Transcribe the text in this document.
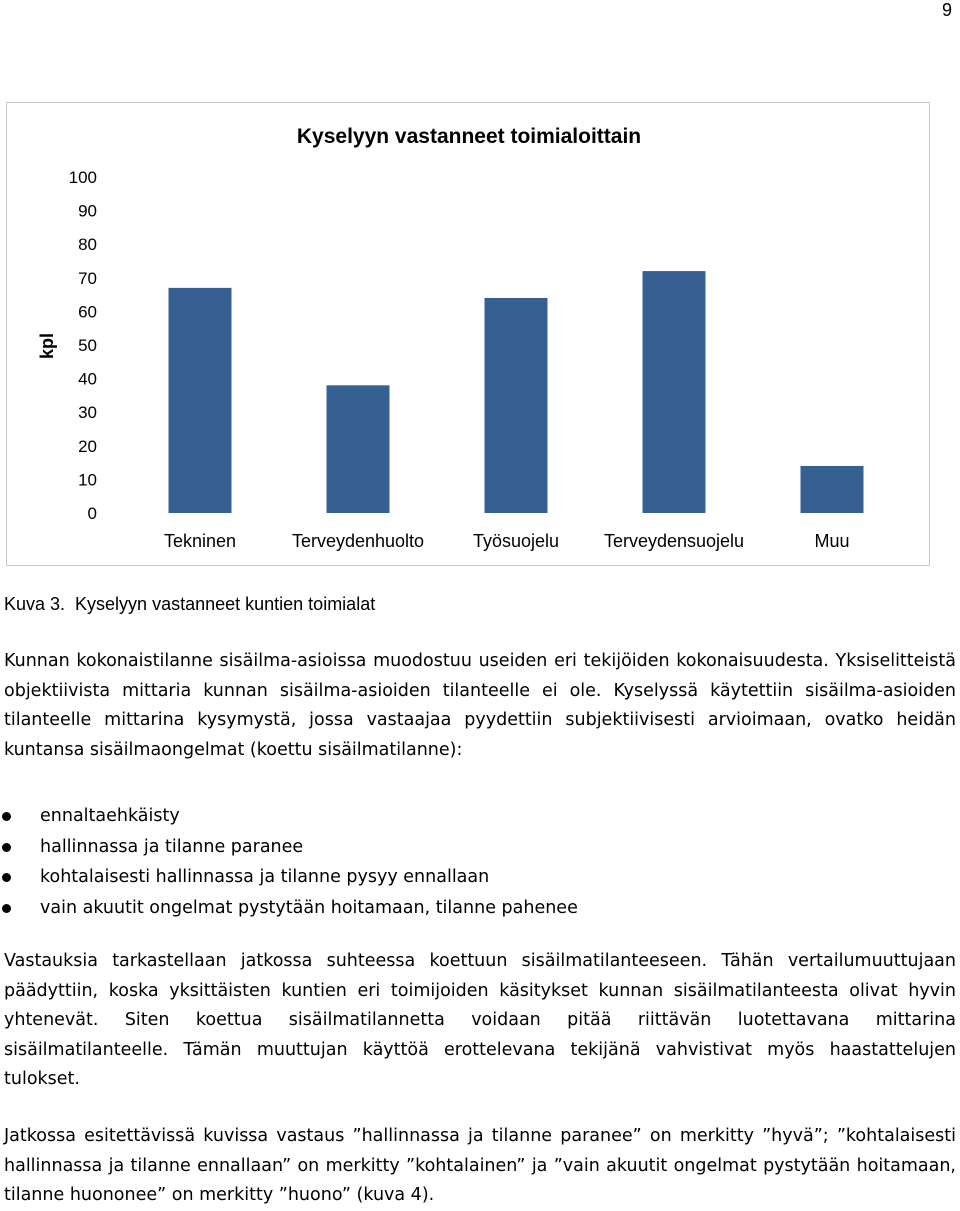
9
Kyselyyn vastanneet toimialoittain
kpl
0
10
20
30
40
50
60
70
80
90
100
Tekninen	Terveydenhuolto	Työsuojelu Terveydensuojelu	Muu
Kuva 3.  Kyselyyn vastanneet kuntien toimialat
Kunnan kokonaistilanne sisäilma-asioissa muodostuu useiden eri tekijöiden kokonaisuudesta. Yksiselitteistä objektiivista mittaria kunnan sisäilma-asioiden tilanteelle ei ole. Kyselyssä käytettiin sisäilma-asioiden tilanteelle mittarina kysymystä, jossa vastaajaa pyydettiin subjektiivisesti arvioimaan, ovatko heidän kuntansa sisäilmaongelmat (koettu sisäilmatilanne):
ennaltaehkäisty
hallinnassa ja tilanne paranee
kohtalaisesti hallinnassa ja tilanne pysyy ennallaan
vain akuutit ongelmat pystytään hoitamaan, tilanne pahenee
Vastauksia tarkastellaan jatkossa suhteessa koettuun sisäilmatilanteeseen. Tähän vertailumuuttujaan päädyttiin, koska yksittäisten kuntien eri toimijoiden käsitykset kunnan sisäilmatilanteesta olivat hyvin yhtenevät. Siten koettua sisäilmatilannetta voidaan pitää riittävän luotettavana mittarina sisäilmatilanteelle. Tämän muuttujan käyttöä erottelevana tekijänä vahvistivat myös haastattelujen tulokset.
Jatkossa esitettävissä kuvissa vastaus ”hallinnassa ja tilanne paranee” on merkitty ”hyvä”; ”kohtalaisesti hallinnassa ja tilanne ennallaan” on merkitty ”kohtalainen” ja ”vain akuutit ongelmat pystytään hoitamaan, tilanne huononee” on merkitty ”huono” (kuva 4).
